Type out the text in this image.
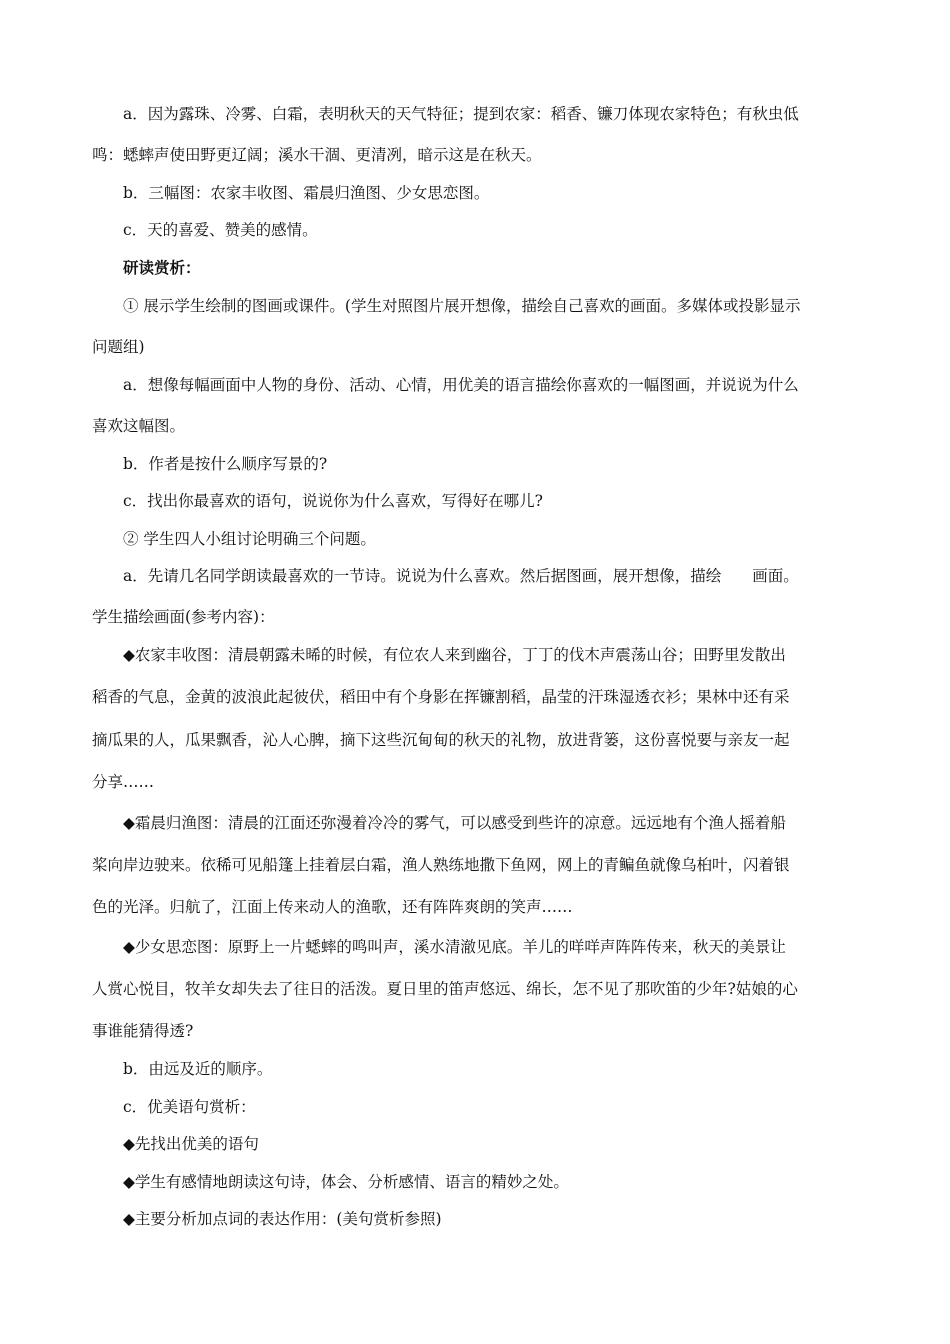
a．因为露珠、冷雾、白霜，表明秋天的天气特征；提到农家：稻香、镰刀体现农家特色；有秋虫低
鸣：蟋蟀声使田野更辽阔；溪水干涸、更清冽，暗示这是在秋天。
b．三幅图：农家丰收图、霜晨归渔图、少女思恋图。
c．天的喜爱、赞美的感情。
研读赏析：
① 展示学生绘制的图画或课件。(学生对照图片展开想像，描绘自己喜欢的画面。多媒体或投影显示
问题组)
a．想像每幅画面中人物的身份、活动、心情，用优美的语言描绘你喜欢的一幅图画，并说说为什么
喜欢这幅图。
b．作者是按什么顺序写景的?
c．找出你最喜欢的语句，说说你为什么喜欢，写得好在哪儿?
② 学生四人小组讨论明确三个问题。
a．先请几名同学朗读最喜欢的一节诗。说说为什么喜欢。然后据图画，展开想像，描绘　　画面。
学生描绘画面(参考内容)：
◆农家丰收图：清晨朝露未晞的时候，有位农人来到幽谷，丁丁的伐木声震荡山谷；田野里发散出
稻香的气息，金黄的波浪此起彼伏，稻田中有个身影在挥镰割稻，晶莹的汗珠湿透衣衫；果林中还有采
摘瓜果的人，瓜果飘香，沁人心脾，摘下这些沉甸甸的秋天的礼物，放进背篓，这份喜悦要与亲友一起
分享……
◆霜晨归渔图：清晨的江面还弥漫着冷冷的雾气，可以感受到些许的凉意。远远地有个渔人摇着船
桨向岸边驶来。依稀可见船篷上挂着层白霜，渔人熟练地撒下鱼网，网上的青鳊鱼就像乌桕叶，闪着银
色的光泽。归航了，江面上传来动人的渔歌，还有阵阵爽朗的笑声……
◆少女思恋图：原野上一片蟋蟀的鸣叫声，溪水清澈见底。羊儿的咩咩声阵阵传来，秋天的美景让
人赏心悦目，牧羊女却失去了往日的活泼。夏日里的笛声悠远、绵长，怎不见了那吹笛的少年?姑娘的心
事谁能猜得透?
b．由远及近的顺序。
c．优美语句赏析：
◆先找出优美的语句
◆学生有感情地朗读这句诗，体会、分析感情、语言的精妙之处。
◆主要分析加点词的表达作用：(美句赏析参照)
